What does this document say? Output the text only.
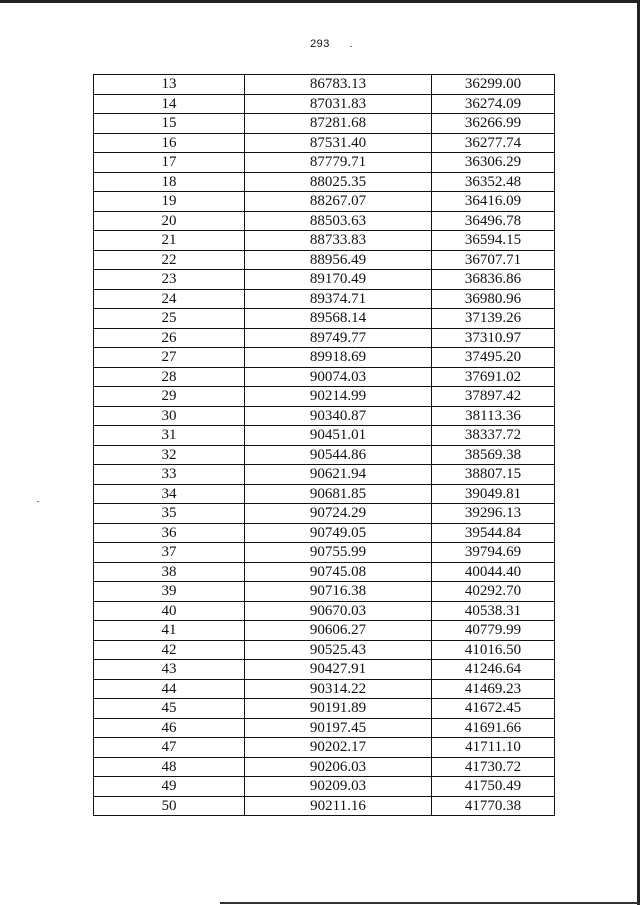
293
13	86783.13	36299.00
14	87031.83	36274.09
15	87281.68	36266.99
16	87531.40	36277.74
17	87779.71	36306.29
18	88025.35	36352.48
19	88267.07	36416.09
20	88503.63	36496.78
21	88733.83	36594.15
22	88956.49	36707.71
23	89170.49	36836.86
24	89374.71	36980.96
25	89568.14	37139.26
26	89749.77	37310.97
27	89918.69	37495.20
28	90074.03	37691.02
29	90214.99	37897.42
30	90340.87	38113.36
31	90451.01	38337.72
32	90544.86	38569.38
33	90621.94	38807.15
34	90681.85	39049.81
35	90724.29	39296.13
36	90749.05	39544.84
37	90755.99	39794.69
38	90745.08	40044.40
39	90716.38	40292.70
40	90670.03	40538.31
41	90606.27	40779.99
42	90525.43	41016.50
43	90427.91	41246.64
44	90314.22	41469.23
45	90191.89	41672.45
46	90197.45	41691.66
47	90202.17	41711.10
48	90206.03	41730.72
49	90209.03	41750.49
50	90211.16	41770.38
